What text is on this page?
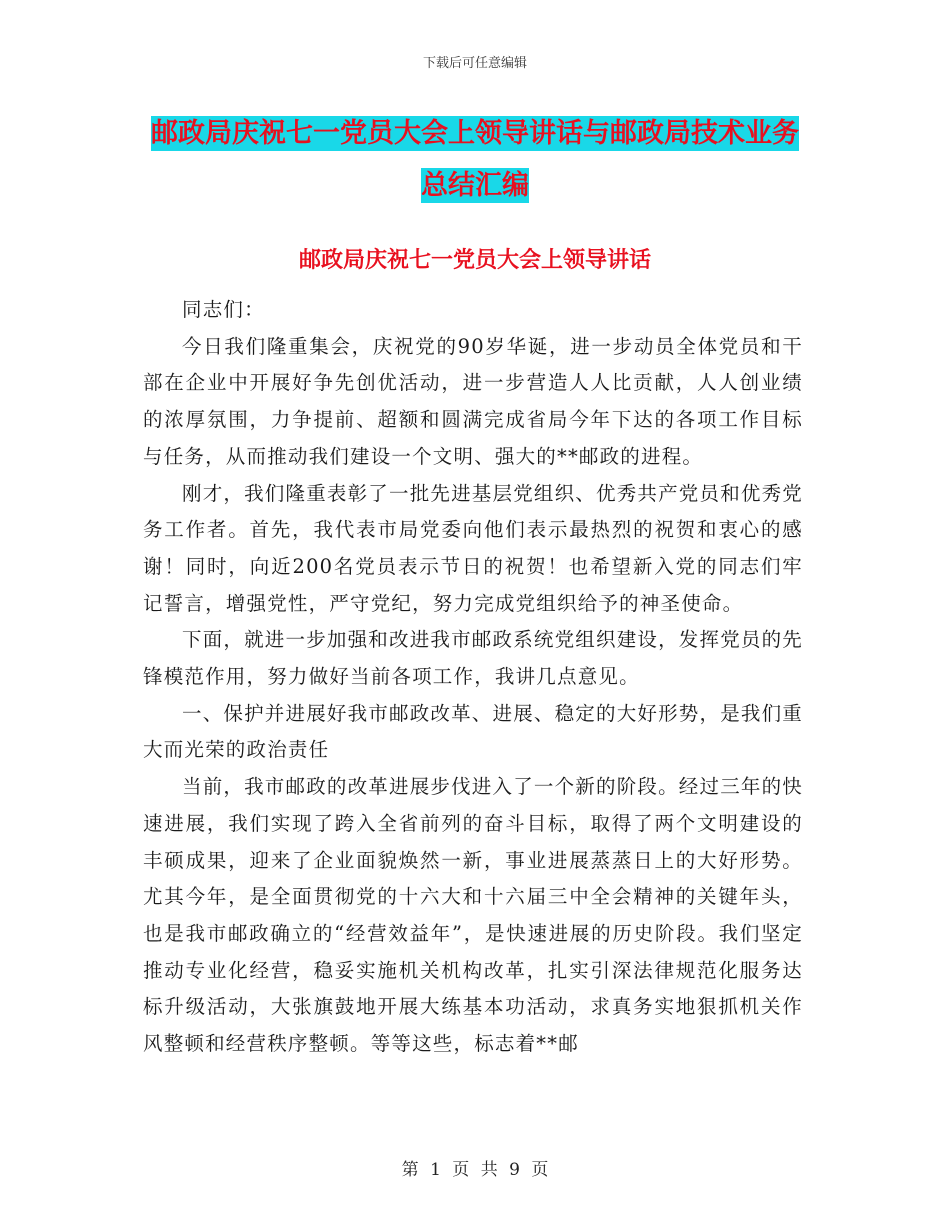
下载后可任意编辑
邮政局庆祝七一党员大会上领导讲话与邮政局技术业务总结汇编
邮政局庆祝七一党员大会上领导讲话

同志们：

今日我们隆重集会，庆祝党的90岁华诞，进一步动员全体党员和干部在企业中开展好争先创优活动，进一步营造人人比贡献，人人创业绩的浓厚氛围，力争提前、超额和圆满完成省局今年下达的各项工作目标与任务，从而推动我们建设一个文明、强大的**邮政的进程。

刚才，我们隆重表彰了一批先进基层党组织、优秀共产党员和优秀党务工作者。首先，我代表市局党委向他们表示最热烈的祝贺和衷心的感谢！同时，向近200名党员表示节日的祝贺！也希望新入党的同志们牢记誓言，增强党性，严守党纪，努力完成党组织给予的神圣使命。

下面，就进一步加强和改进我市邮政系统党组织建设，发挥党员的先锋模范作用，努力做好当前各项工作，我讲几点意见。

一、保护并进展好我市邮政改革、进展、稳定的大好形势，是我们重大而光荣的政治责任

当前，我市邮政的改革进展步伐进入了一个新的阶段。经过三年的快速进展，我们实现了跨入全省前列的奋斗目标，取得了两个文明建设的丰硕成果，迎来了企业面貌焕然一新，事业进展蒸蒸日上的大好形势。尤其今年，是全面贯彻党的十六大和十六届三中全会精神的关键年头，也是我市邮政确立的“经营效益年”，是快速进展的历史阶段。我们坚定推动专业化经营，稳妥实施机关机构改革，扎实引深法律规范化服务达标升级活动，大张旗鼓地开展大练基本功活动，求真务实地狠抓机关作风整顿和经营秩序整顿。等等这些，标志着**邮

第 1 页 共 9 页
